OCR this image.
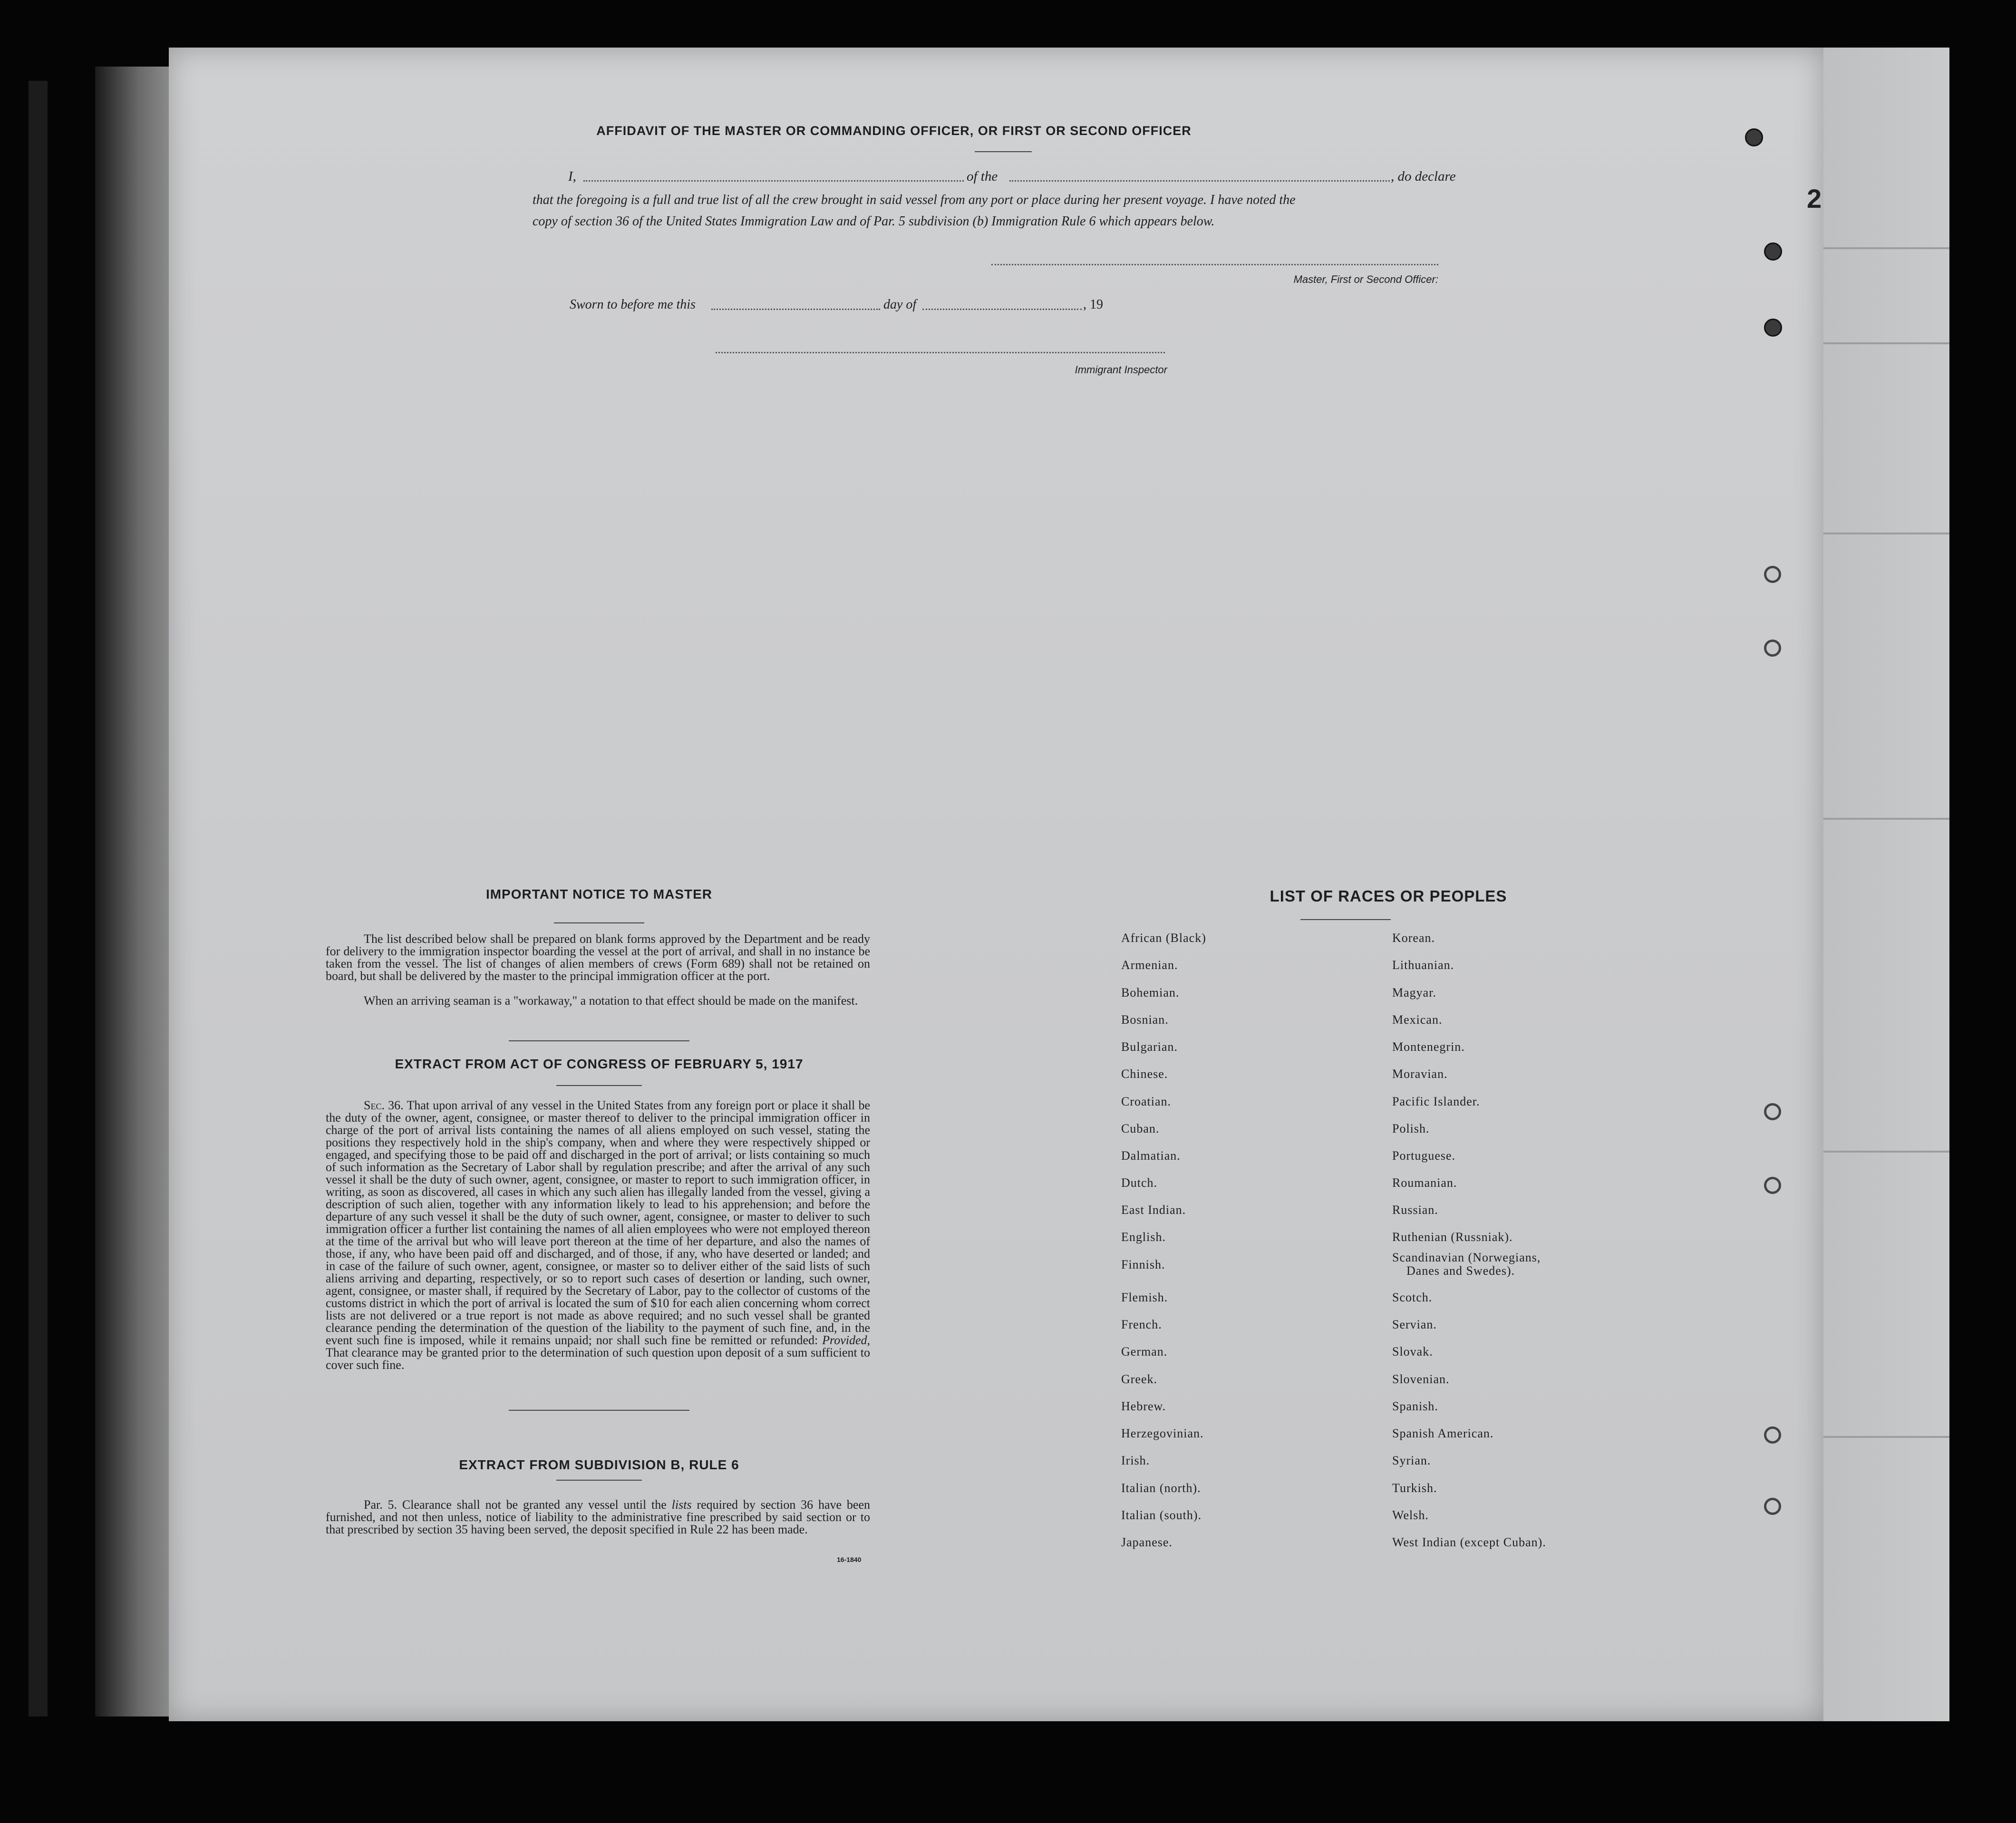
2
AFFIDAVIT OF THE MASTER OR COMMANDING OFFICER, OR FIRST OR SECOND OFFICER
I,	of the	, do declare
that the foregoing is a full and true list of all the crew brought in said vessel from any port or place during her present voyage. I have noted the
copy of section 36 of the United States Immigration Law and of Par. 5 subdivision (b) Immigration Rule 6 which appears below.
Master, First or Second Officer:
Sworn to before me this	day of	, 19
Immigrant Inspector
IMPORTANT NOTICE TO MASTER
The list described below shall be prepared on blank forms approved by the Department and be ready for delivery to the immigration inspector boarding the vessel at the port of arrival, and shall in no instance be taken from the vessel. The list of changes of alien members of crews (Form 689) shall not be retained on board, but shall be delivered by the master to the principal immigration officer at the port.
When an arriving seaman is a "workaway," a notation to that effect should be made on the manifest.
EXTRACT FROM ACT OF CONGRESS OF FEBRUARY 5, 1917
Sec. 36. That upon arrival of any vessel in the United States from any foreign port or place it shall be the duty of the owner, agent, consignee, or master thereof to deliver to the principal immigration officer in charge of the port of arrival lists containing the names of all aliens employed on such vessel, stating the positions they respectively hold in the ship's company, when and where they were respectively shipped or engaged, and specifying those to be paid off and discharged in the port of arrival; or lists containing so much of such information as the Secretary of Labor shall by regulation prescribe; and after the arrival of any such vessel it shall be the duty of such owner, agent, consignee, or master to report to such immigration officer, in writing, as soon as discovered, all cases in which any such alien has illegally landed from the vessel, giving a description of such alien, together with any information likely to lead to his apprehension; and before the departure of any such vessel it shall be the duty of such owner, agent, consignee, or master to deliver to such immigration officer a further list containing the names of all alien employees who were not employed thereon at the time of the arrival but who will leave port thereon at the time of her departure, and also the names of those, if any, who have been paid off and discharged, and of those, if any, who have deserted or landed; and in case of the failure of such owner, agent, consignee, or master so to deliver either of the said lists of such aliens arriving and departing, respectively, or so to report such cases of desertion or landing, such owner, agent, consignee, or master shall, if required by the Secretary of Labor, pay to the collector of customs of the customs district in which the port of arrival is located the sum of $10 for each alien concerning whom correct lists are not delivered or a true report is not made as above required; and no such vessel shall be granted clearance pending the determination of the question of the liability to the payment of such fine, and, in the event such fine is imposed, while it remains unpaid; nor shall such fine be remitted or refunded: Provided, That clearance may be granted prior to the determination of such question upon deposit of a sum sufficient to cover such fine.
EXTRACT FROM SUBDIVISION B, RULE 6
Par. 5. Clearance shall not be granted any vessel until the lists required by section 36 have been furnished, and not then unless, notice of liability to the administrative fine prescribed by said section or to that prescribed by section 35 having been served, the deposit specified in Rule 22 has been made.
16-1840
LIST OF RACES OR PEOPLES
African (Black)
Armenian.
Bohemian.
Bosnian.
Bulgarian.
Chinese.
Croatian.
Cuban.
Dalmatian.
Dutch.
East Indian.
English.
Finnish.
Flemish.
French.
German.
Greek.
Hebrew.
Herzegovinian.
Irish.
Italian (north).
Italian (south).
Japanese.
Korean.
Lithuanian.
Magyar.
Mexican.
Montenegrin.
Moravian.
Pacific Islander.
Polish.
Portuguese.
Roumanian.
Russian.
Ruthenian (Russniak).
Scandinavian (Norwegians,
Danes and Swedes).
Scotch.
Servian.
Slovak.
Slovenian.
Spanish.
Spanish American.
Syrian.
Turkish.
Welsh.
West Indian (except Cuban).
